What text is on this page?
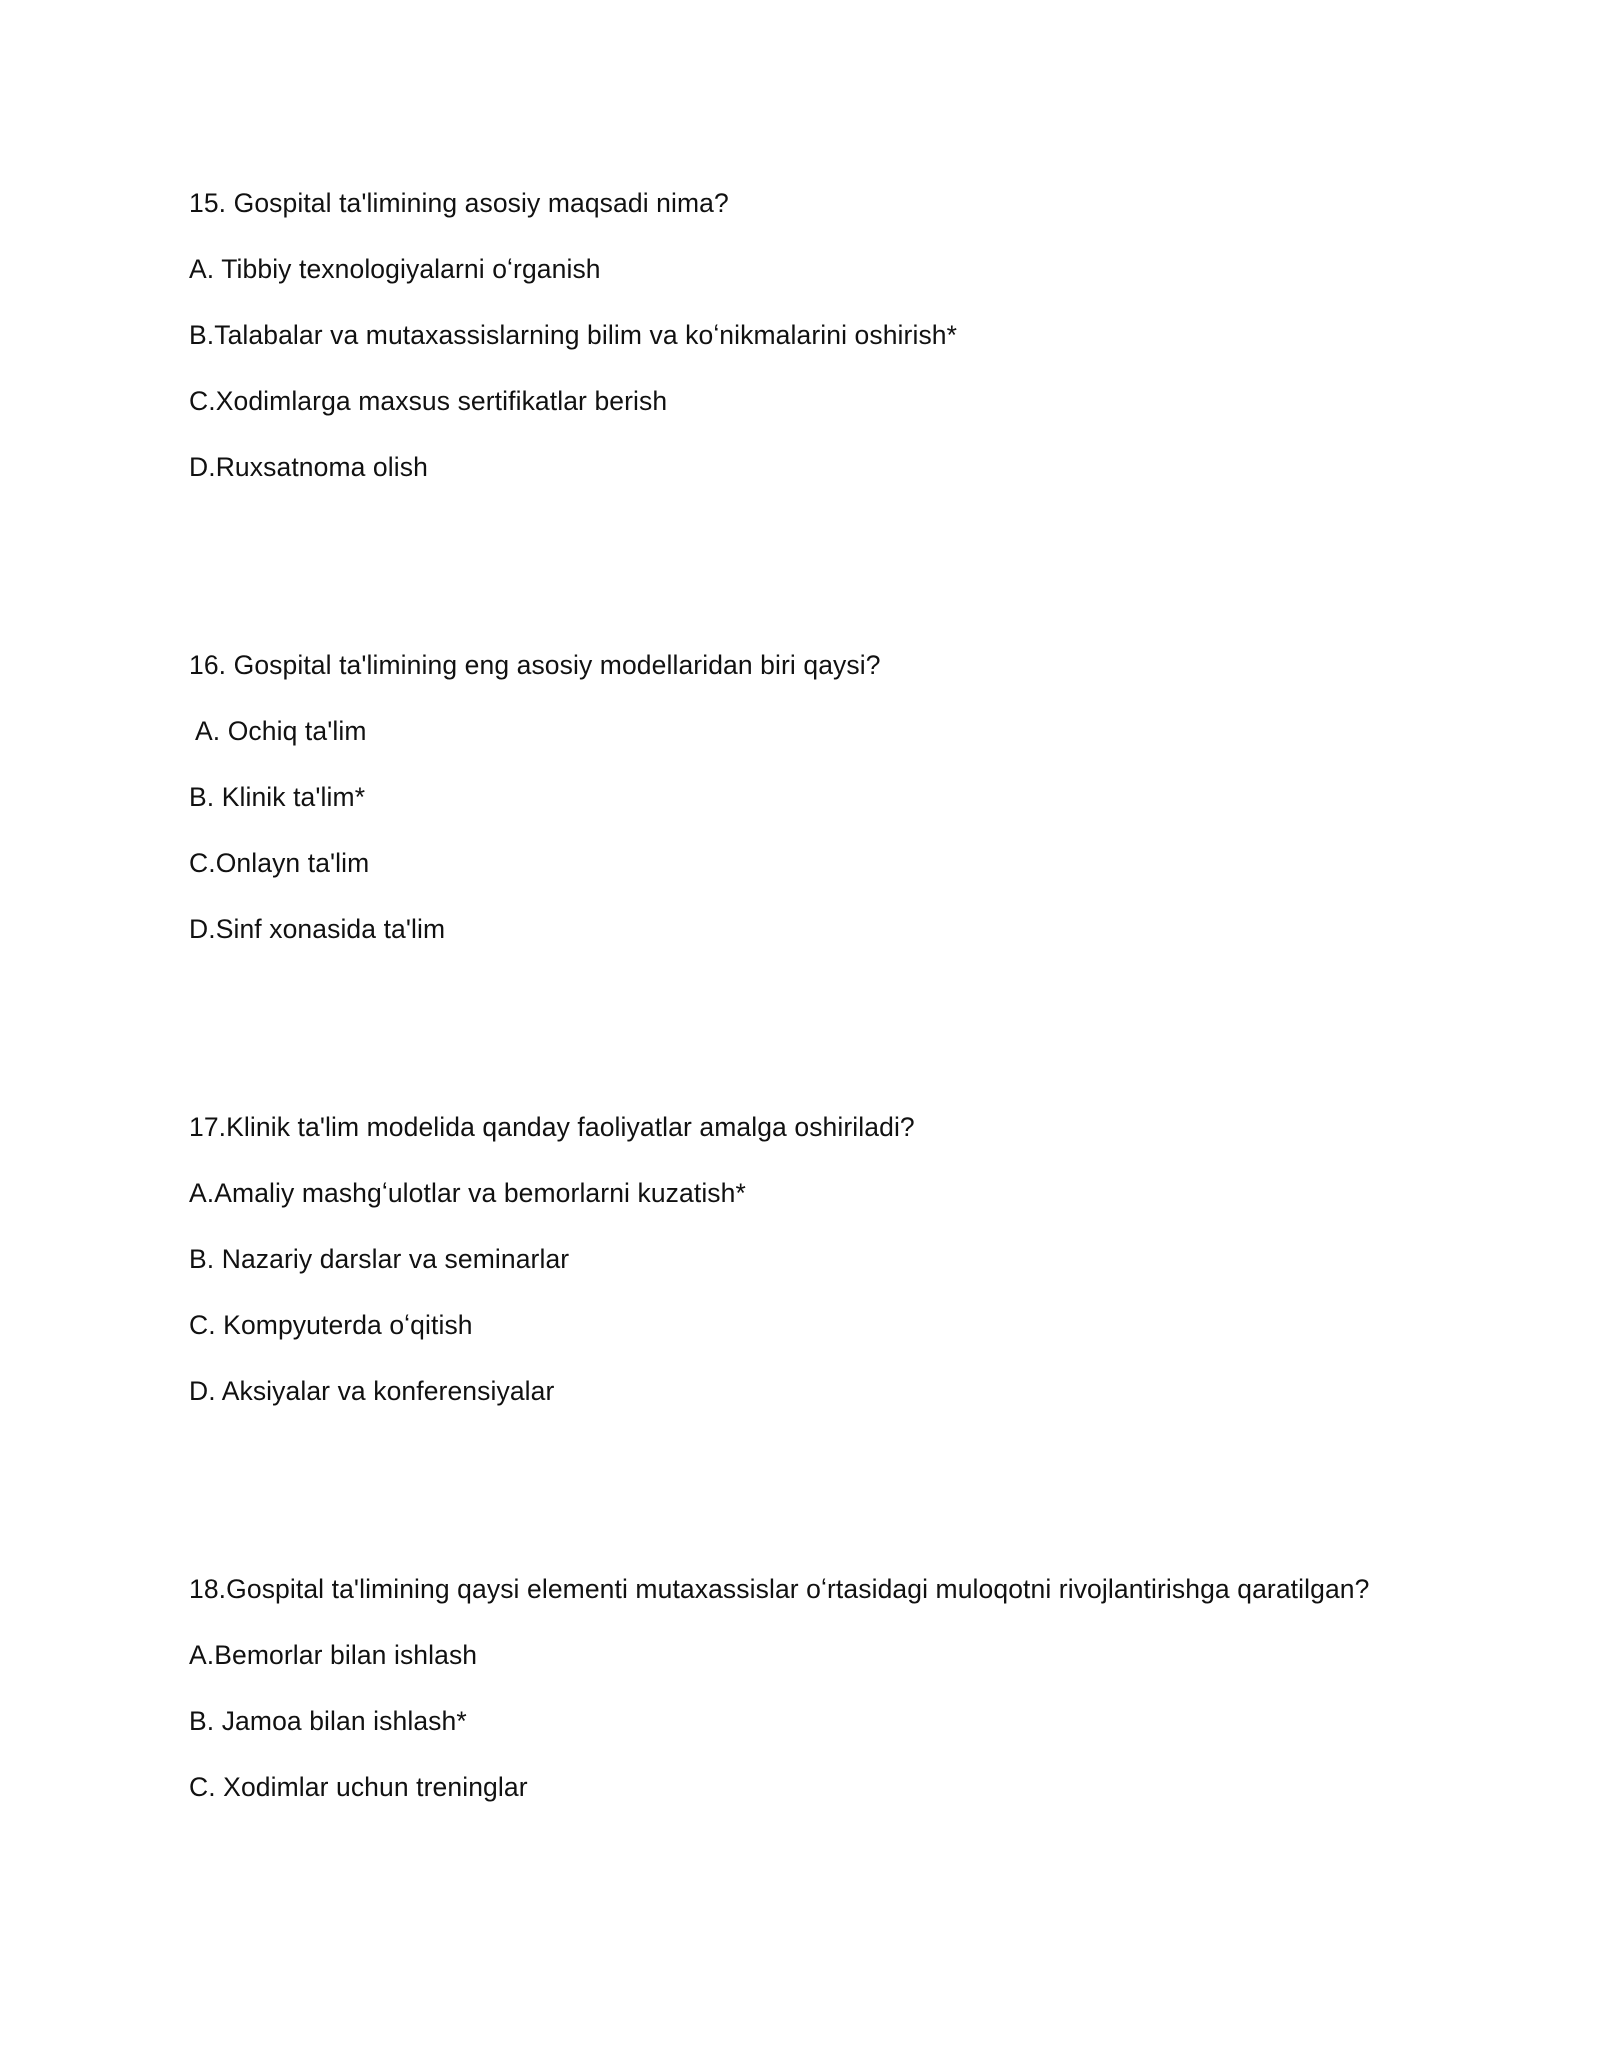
15. Gospital ta'limining asosiy maqsadi nima?
A. Tibbiy texnologiyalarni oʻrganish
B.Talabalar va mutaxassislarning bilim va koʻnikmalarini oshirish*
C.Xodimlarga maxsus sertifikatlar berish
D.Ruxsatnoma olish
16. Gospital ta'limining eng asosiy modellaridan biri qaysi?
A. Ochiq ta'lim
B. Klinik ta'lim*
C.Onlayn ta'lim
D.Sinf xonasida ta'lim
17.Klinik ta'lim modelida qanday faoliyatlar amalga oshiriladi?
A.Amaliy mashgʻulotlar va bemorlarni kuzatish*
B. Nazariy darslar va seminarlar
C. Kompyuterda oʻqitish
D. Aksiyalar va konferensiyalar
18.Gospital ta'limining qaysi elementi mutaxassislar oʻrtasidagi muloqotni rivojlantirishga qaratilgan?
A.Bemorlar bilan ishlash
B. Jamoa bilan ishlash*
C. Xodimlar uchun treninglar
